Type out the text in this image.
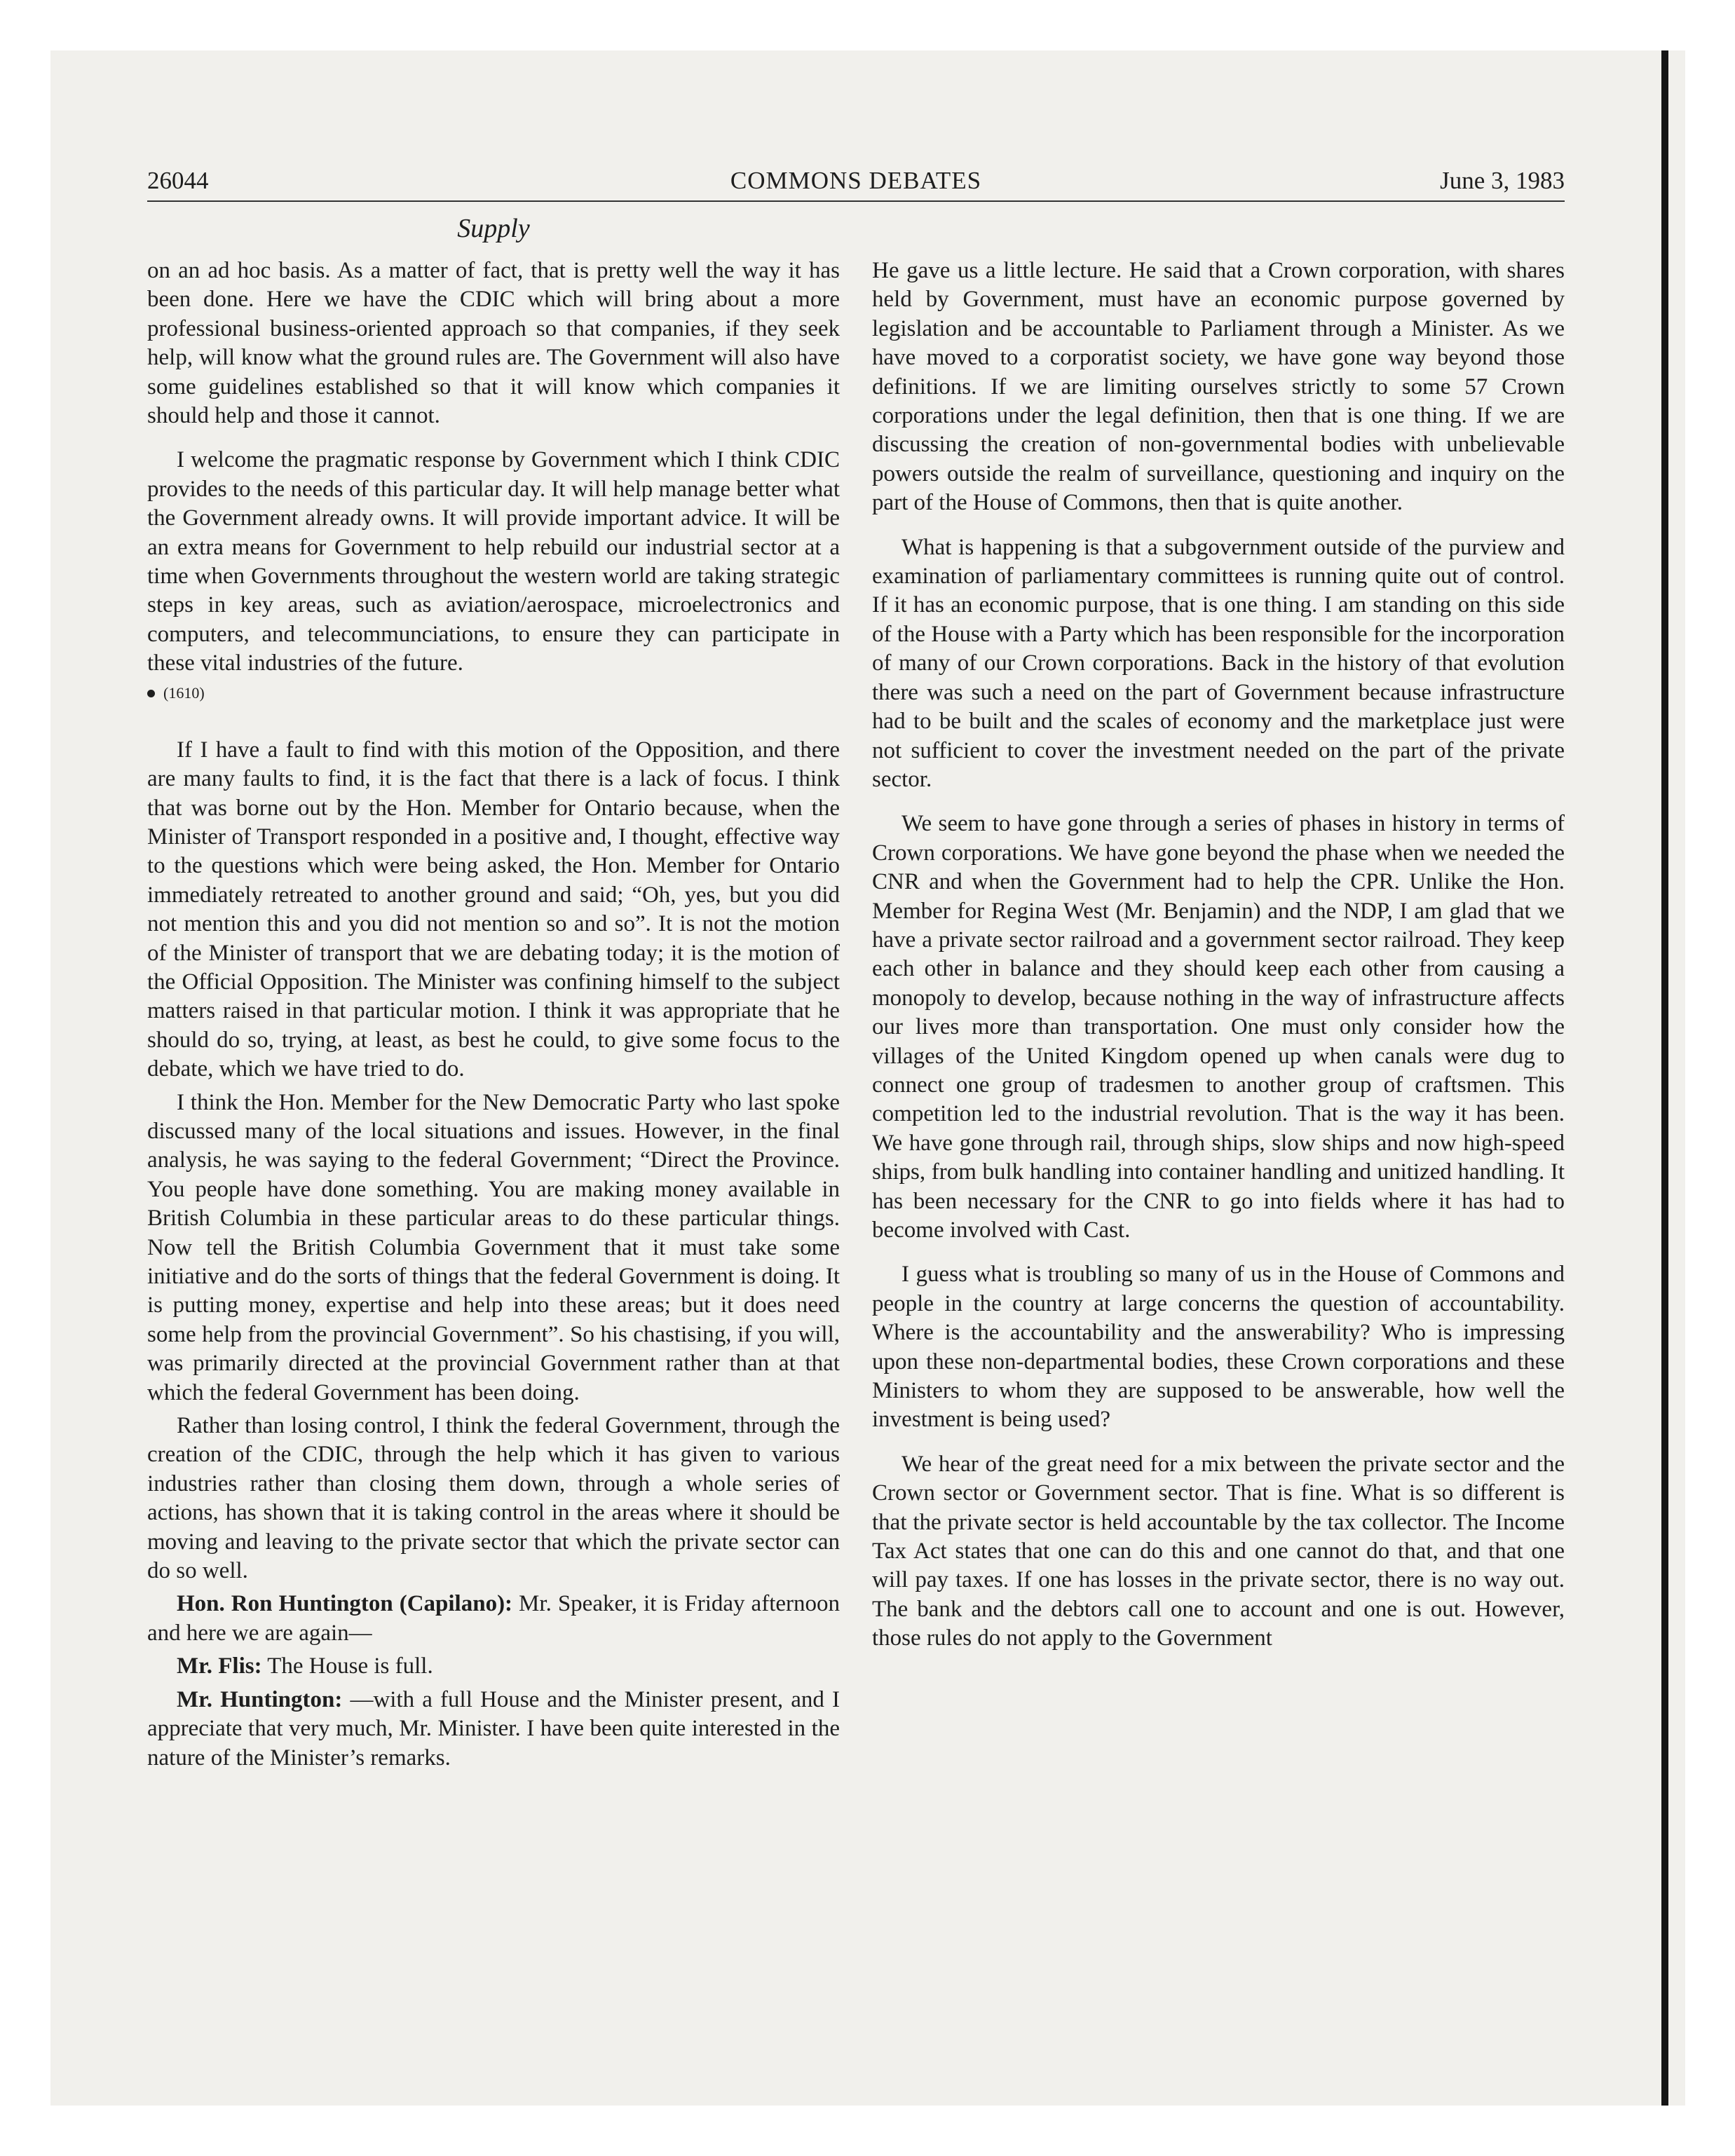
26044	COMMONS DEBATES	June 3, 1983
Supply

on an ad hoc basis. As a matter of fact, that is pretty well the way it has been done. Here we have the CDIC which will bring about a more professional business-oriented approach so that companies, if they seek help, will know what the ground rules are. The Government will also have some guidelines established so that it will know which companies it should help and those it cannot.

I welcome the pragmatic response by Government which I think CDIC provides to the needs of this particular day. It will help manage better what the Government already owns. It will provide important advice. It will be an extra means for Government to help rebuild our industrial sector at a time when Governments throughout the western world are taking strategic steps in key areas, such as aviation/aerospace, microelectronics and computers, and telecommunciations, to ensure they can participate in these vital industries of the future.

(1610)

If I have a fault to find with this motion of the Opposition, and there are many faults to find, it is the fact that there is a lack of focus. I think that was borne out by the Hon. Member for Ontario because, when the Minister of Transport responded in a positive and, I thought, effective way to the questions which were being asked, the Hon. Member for Ontario immediately retreated to another ground and said; “Oh, yes, but you did not mention this and you did not mention so and so”. It is not the motion of the Minister of transport that we are debating today; it is the motion of the Official Opposition. The Minister was confining himself to the subject matters raised in that particular motion. I think it was appropriate that he should do so, trying, at least, as best he could, to give some focus to the debate, which we have tried to do.

I think the Hon. Member for the New Democratic Party who last spoke discussed many of the local situations and issues. However, in the final analysis, he was saying to the federal Government; “Direct the Province. You people have done something. You are making money available in British Columbia in these particular areas to do these particular things. Now tell the British Columbia Government that it must take some initiative and do the sorts of things that the federal Government is doing. It is putting money, expertise and help into these areas; but it does need some help from the provincial Government”. So his chastising, if you will, was primarily directed at the provincial Government rather than at that which the federal Government has been doing.

Rather than losing control, I think the federal Government, through the creation of the CDIC, through the help which it has given to various industries rather than closing them down, through a whole series of actions, has shown that it is taking control in the areas where it should be moving and leaving to the private sector that which the private sector can do so well.

Hon. Ron Huntington (Capilano): Mr. Speaker, it is Friday afternoon and here we are again—

Mr. Flis: The House is full.

Mr. Huntington: —with a full House and the Minister present, and I appreciate that very much, Mr. Minister. I have been quite interested in the nature of the Minister’s remarks.

He gave us a little lecture. He said that a Crown corporation, with shares held by Government, must have an economic purpose governed by legislation and be accountable to Parliament through a Minister. As we have moved to a corporatist society, we have gone way beyond those definitions. If we are limiting ourselves strictly to some 57 Crown corporations under the legal definition, then that is one thing. If we are discussing the creation of non-governmental bodies with unbelievable powers outside the realm of surveillance, questioning and inquiry on the part of the House of Commons, then that is quite another.

What is happening is that a subgovernment outside of the purview and examination of parliamentary committees is running quite out of control. If it has an economic purpose, that is one thing. I am standing on this side of the House with a Party which has been responsible for the incorporation of many of our Crown corporations. Back in the history of that evolution there was such a need on the part of Government because infrastructure had to be built and the scales of economy and the marketplace just were not sufficient to cover the investment needed on the part of the private sector.

We seem to have gone through a series of phases in history in terms of Crown corporations. We have gone beyond the phase when we needed the CNR and when the Government had to help the CPR. Unlike the Hon. Member for Regina West (Mr. Benjamin) and the NDP, I am glad that we have a private sector railroad and a government sector railroad. They keep each other in balance and they should keep each other from causing a monopoly to develop, because nothing in the way of infrastructure affects our lives more than transportation. One must only consider how the villages of the United Kingdom opened up when canals were dug to connect one group of tradesmen to another group of craftsmen. This competition led to the industrial revolution. That is the way it has been. We have gone through rail, through ships, slow ships and now high-speed ships, from bulk handling into container handling and unitized handling. It has been necessary for the CNR to go into fields where it has had to become involved with Cast.

I guess what is troubling so many of us in the House of Commons and people in the country at large concerns the question of accountability. Where is the accountability and the answerability? Who is impressing upon these non-departmental bodies, these Crown corporations and these Ministers to whom they are supposed to be answerable, how well the investment is being used?

We hear of the great need for a mix between the private sector and the Crown sector or Government sector. That is fine. What is so different is that the private sector is held accountable by the tax collector. The Income Tax Act states that one can do this and one cannot do that, and that one will pay taxes. If one has losses in the private sector, there is no way out. The bank and the debtors call one to account and one is out. However, those rules do not apply to the Government
